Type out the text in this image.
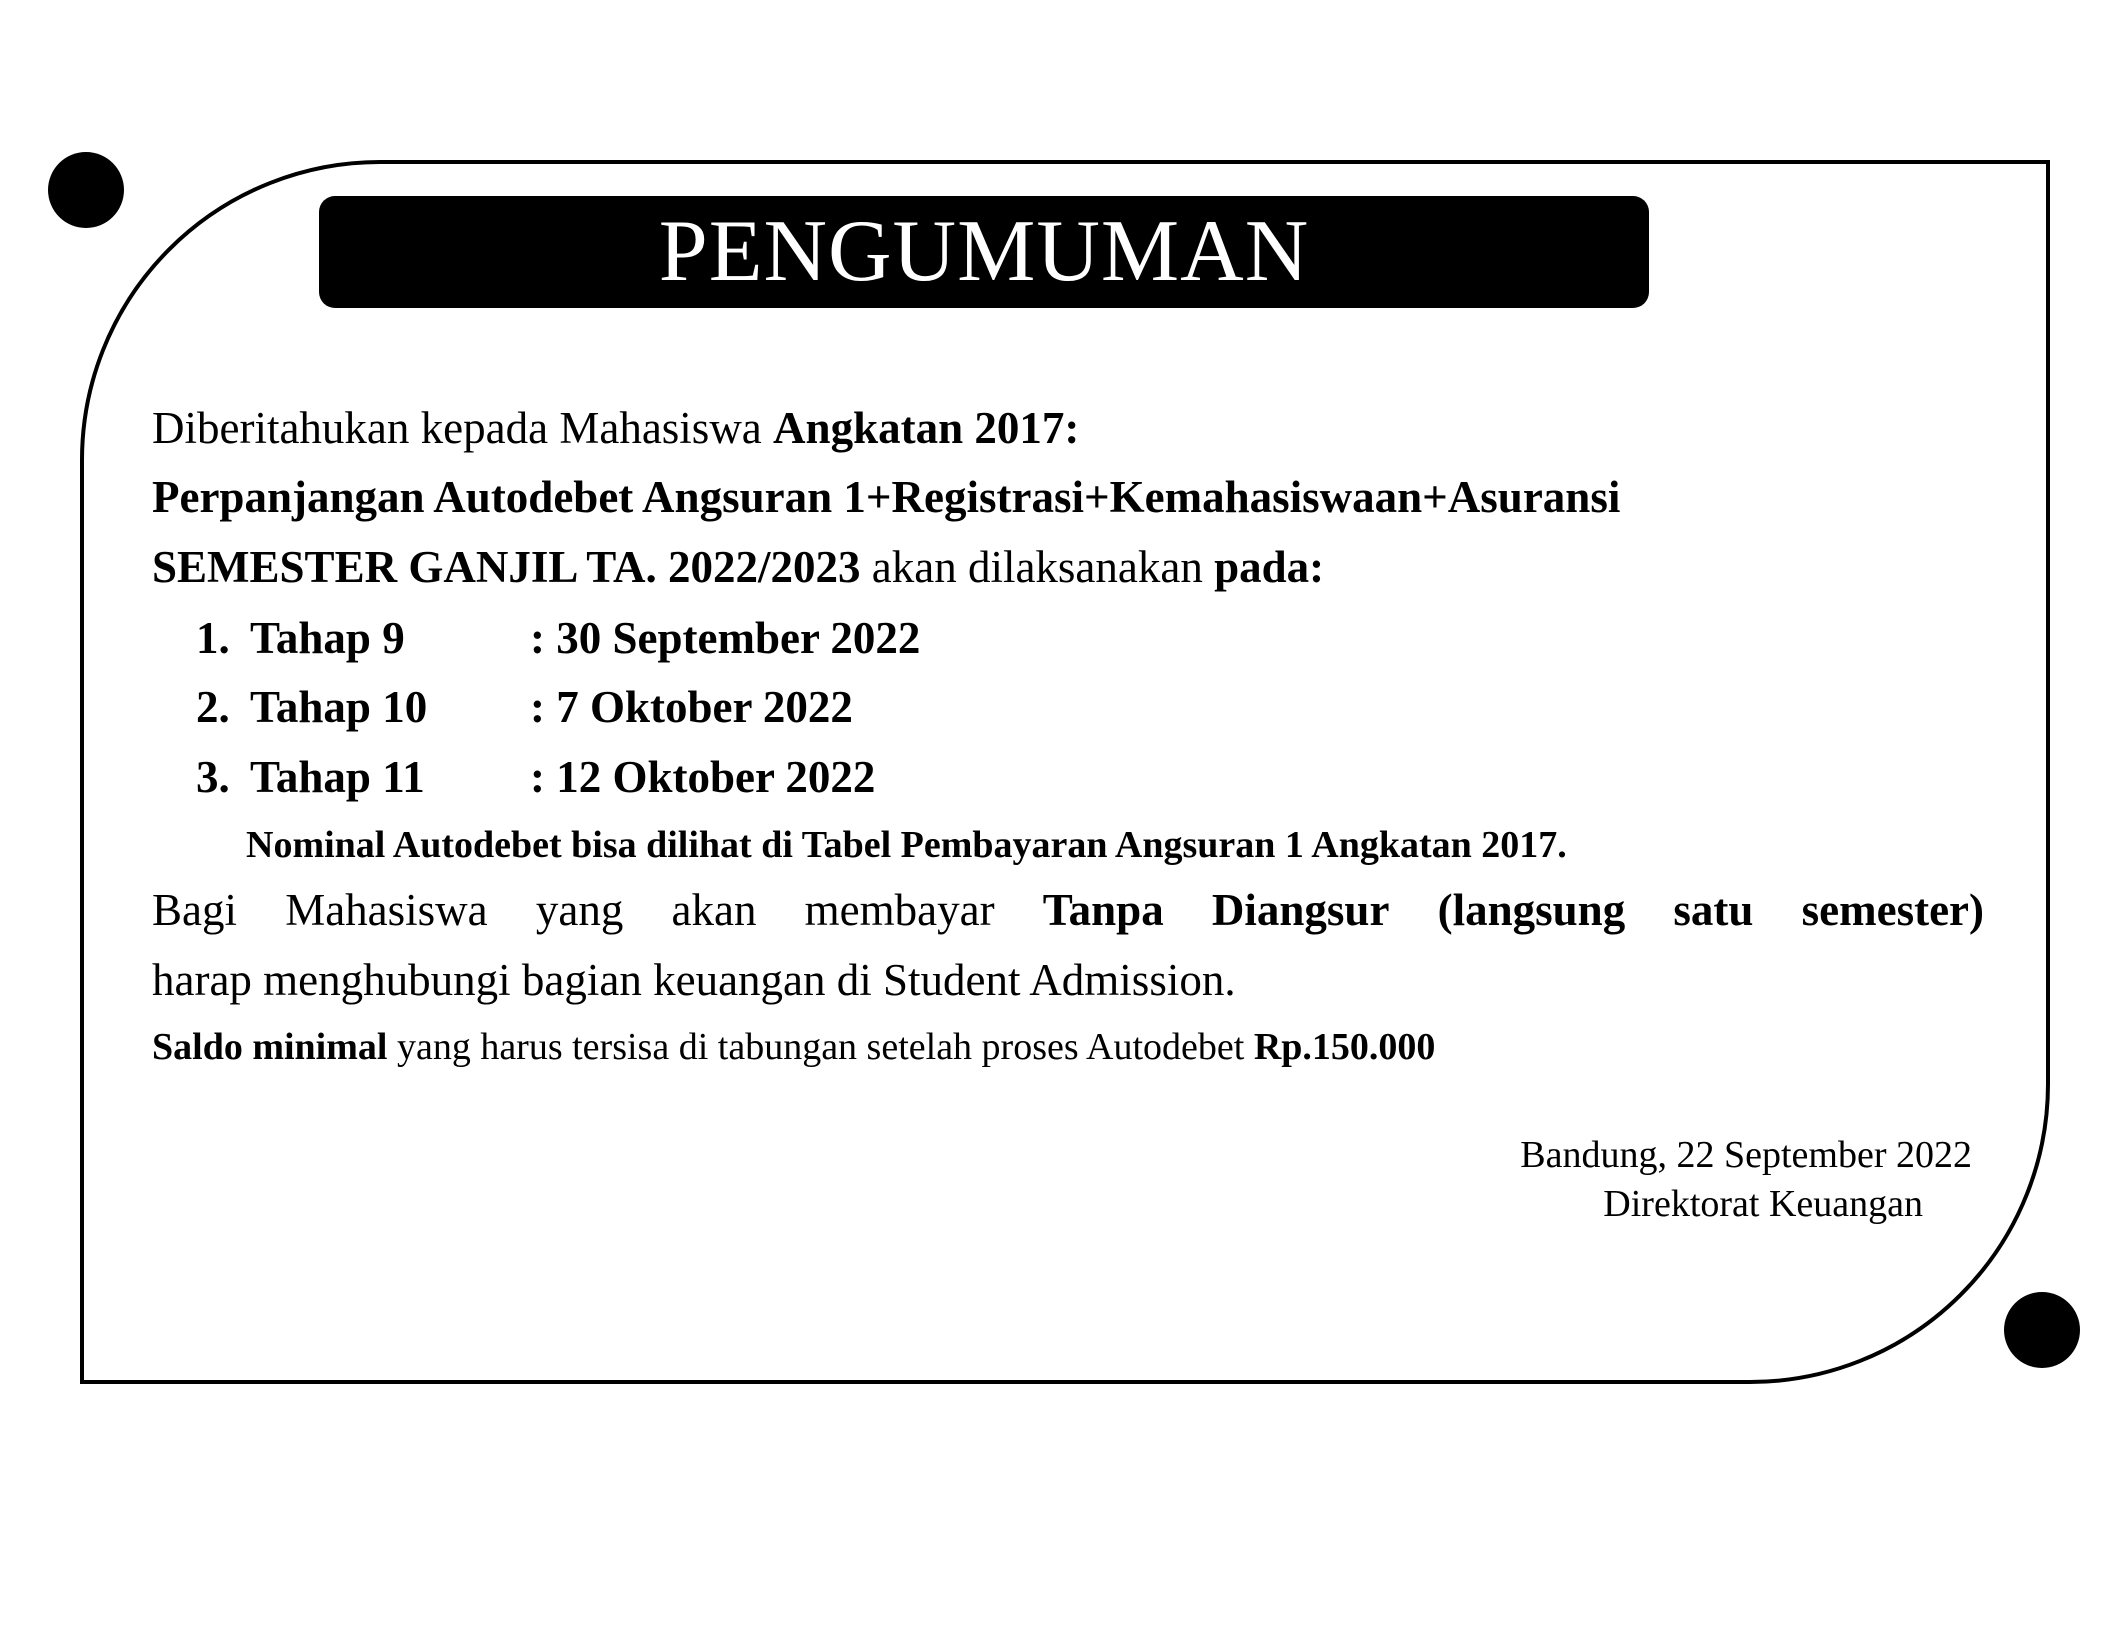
PENGUMUMAN
Diberitahukan kepada Mahasiswa Angkatan 2017:
Perpanjangan Autodebet Angsuran 1+Registrasi+Kemahasiswaan+Asuransi
SEMESTER GANJIL TA. 2022/2023 akan dilaksanakan pada:
1. Tahap 9	: 30 September 2022
2. Tahap 10 : 7 Oktober 2022
3. Tahap 11 : 12 Oktober 2022
Nominal Autodebet bisa dilihat di Tabel Pembayaran Angsuran 1 Angkatan 2017.
Bagi Mahasiswa yang akan membayar Tanpa Diangsur (langsung satu semester)
harap menghubungi bagian keuangan di Student Admission.
Saldo minimal yang harus tersisa di tabungan setelah proses Autodebet Rp.150.000
Bandung, 22 September 2022
Direktorat Keuangan
